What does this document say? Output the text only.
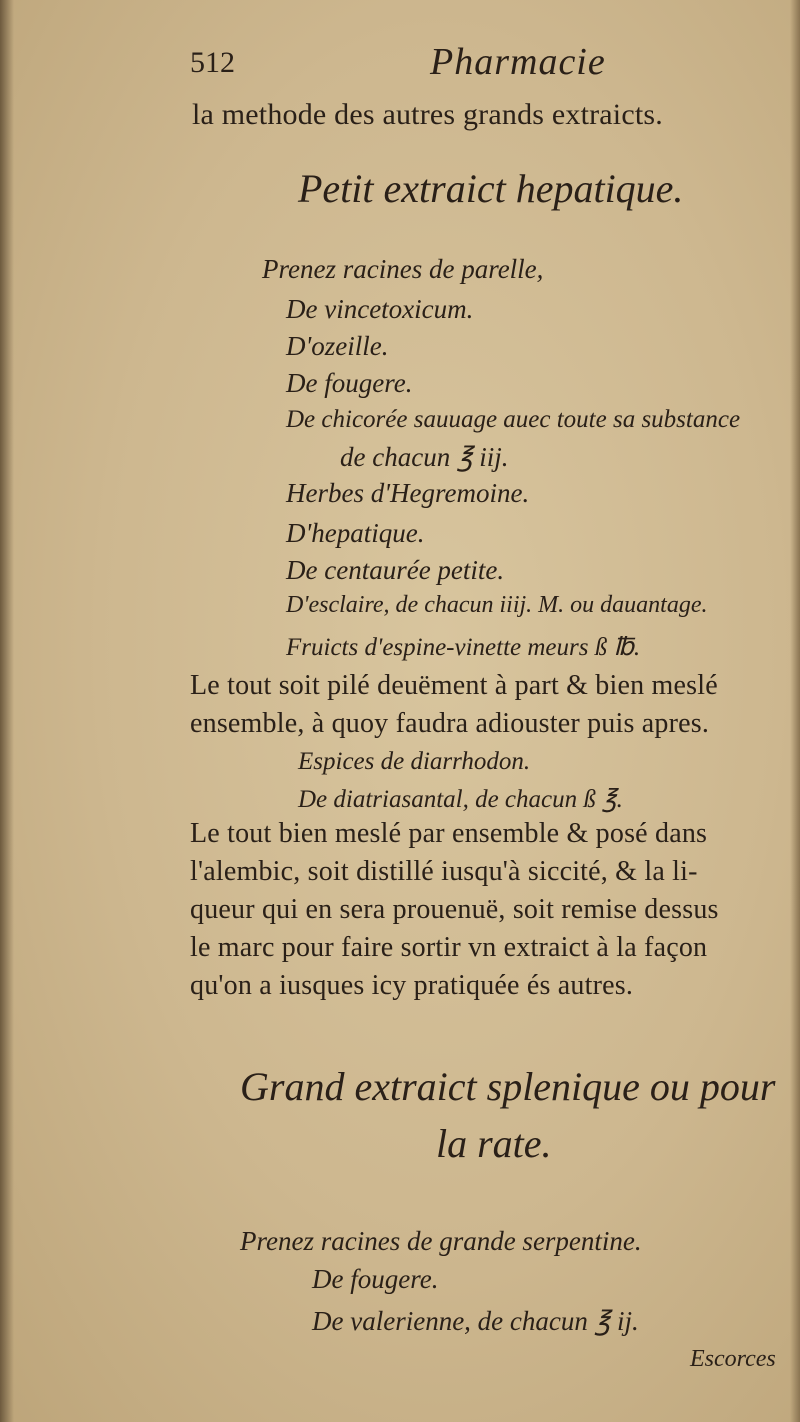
512	Pharmacie
la methode des autres grands extraicts.
Petit extraict hepatique.
Prenez racines de parelle,
De vincetoxicum.
D'ozeille.
De fougere.
De chicorée sauuage auec toute sa substance
de chacun ℥ iij.
Herbes d'Hegremoine.
D'hepatique.
De centaurée petite.
D'esclaire, de chacun iiij. M. ou dauantage.
Fruicts d'espine-vinette meurs ß ℔.
Le tout soit pilé deuëment à part & bien meslé
ensemble, à quoy faudra adiouster puis apres.
Espices de diarrhodon.
De diatriasantal, de chacun ß ℥.
Le tout bien meslé par ensemble & posé dans
l'alembic, soit distillé iusqu'à siccité, & la li-
queur qui en sera prouenuë, soit remise dessus
le marc pour faire sortir vn extraict à la façon
qu'on a iusques icy pratiquée és autres.
Grand extraict splenique ou pour
la rate.
Prenez racines de grande serpentine.
De fougere.
De valerienne, de chacun ℥ ij.
Escorces
